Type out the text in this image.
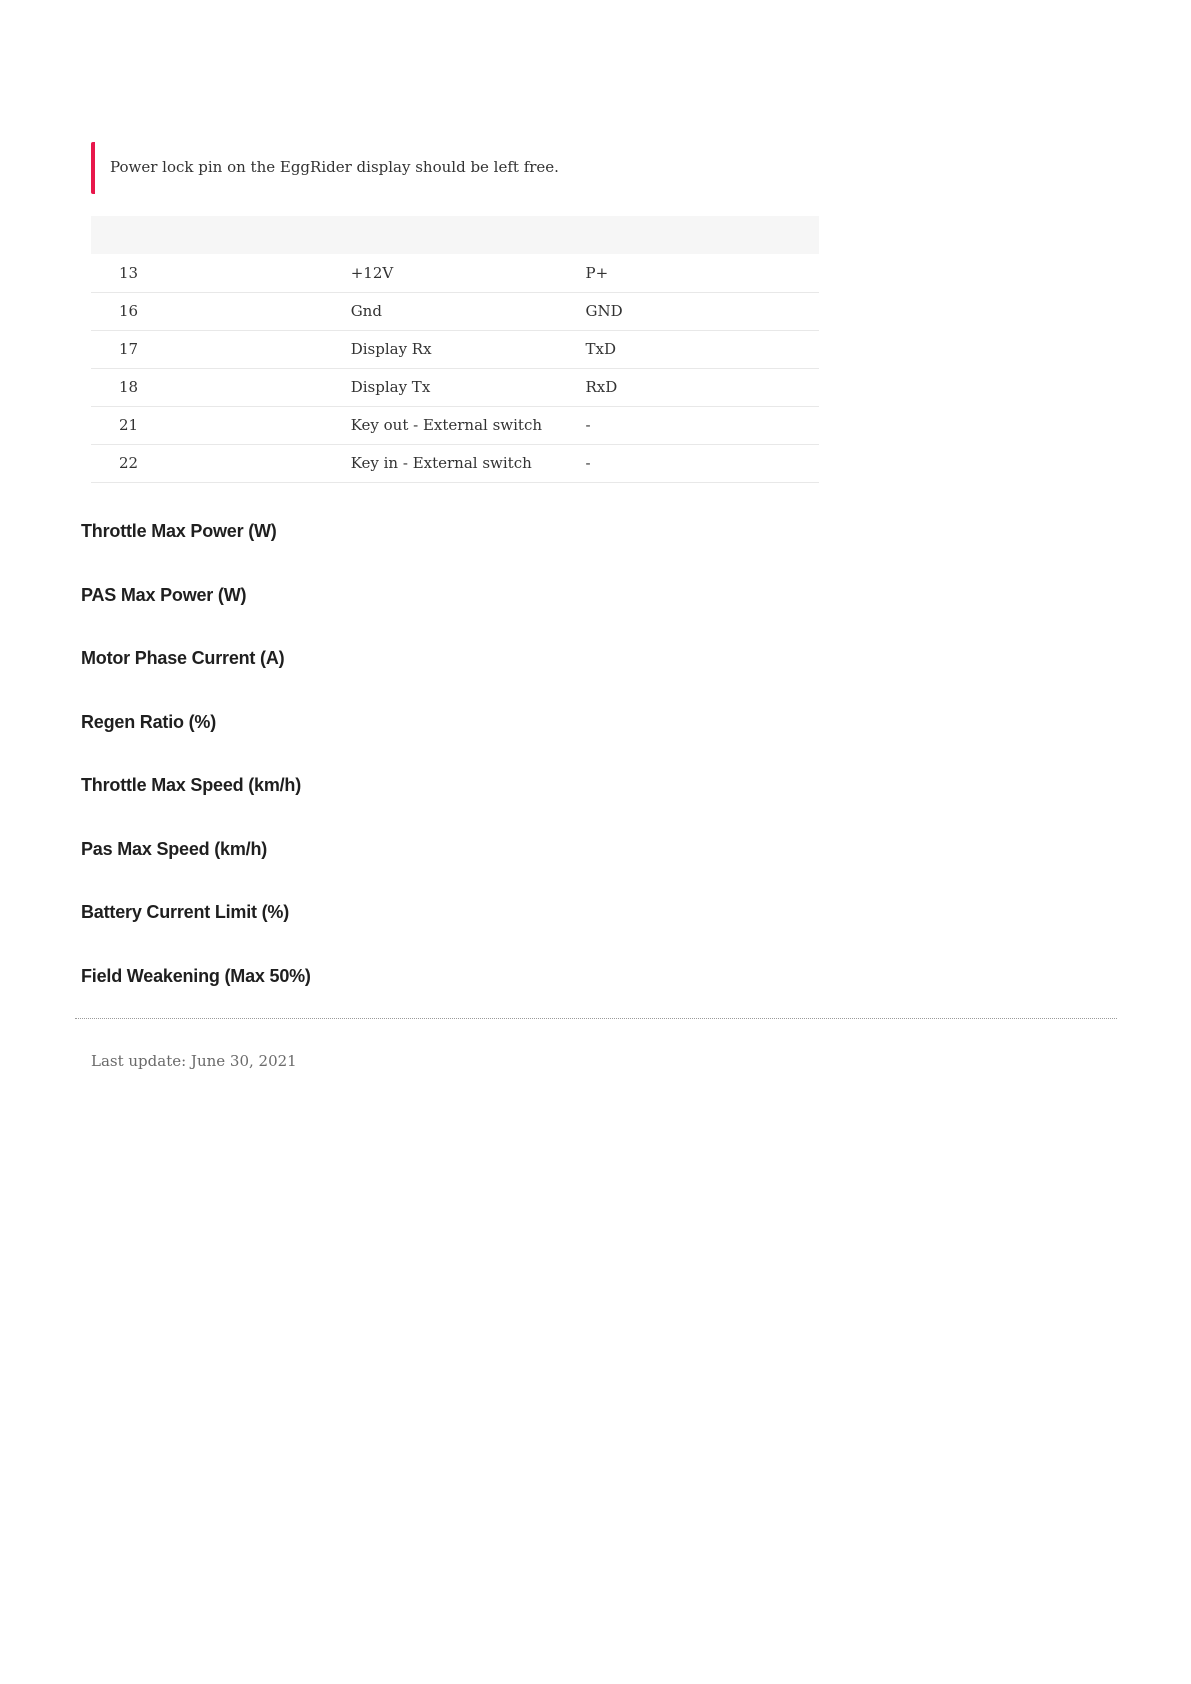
Power lock pin on the EggRider display should be left free.

13	+12V	P+
16	Gnd	GND
17	Display Rx	TxD
18	Display Tx	RxD
21	Key out - External switch	-
22	Key in - External switch	-
Throttle Max Power (W)
PAS Max Power (W)
Motor Phase Current (A)
Regen Ratio (%)
Throttle Max Speed (km/h)
Pas Max Speed (km/h)
Battery Current Limit (%)
Field Weakening (Max 50%)
Last update: June 30, 2021
